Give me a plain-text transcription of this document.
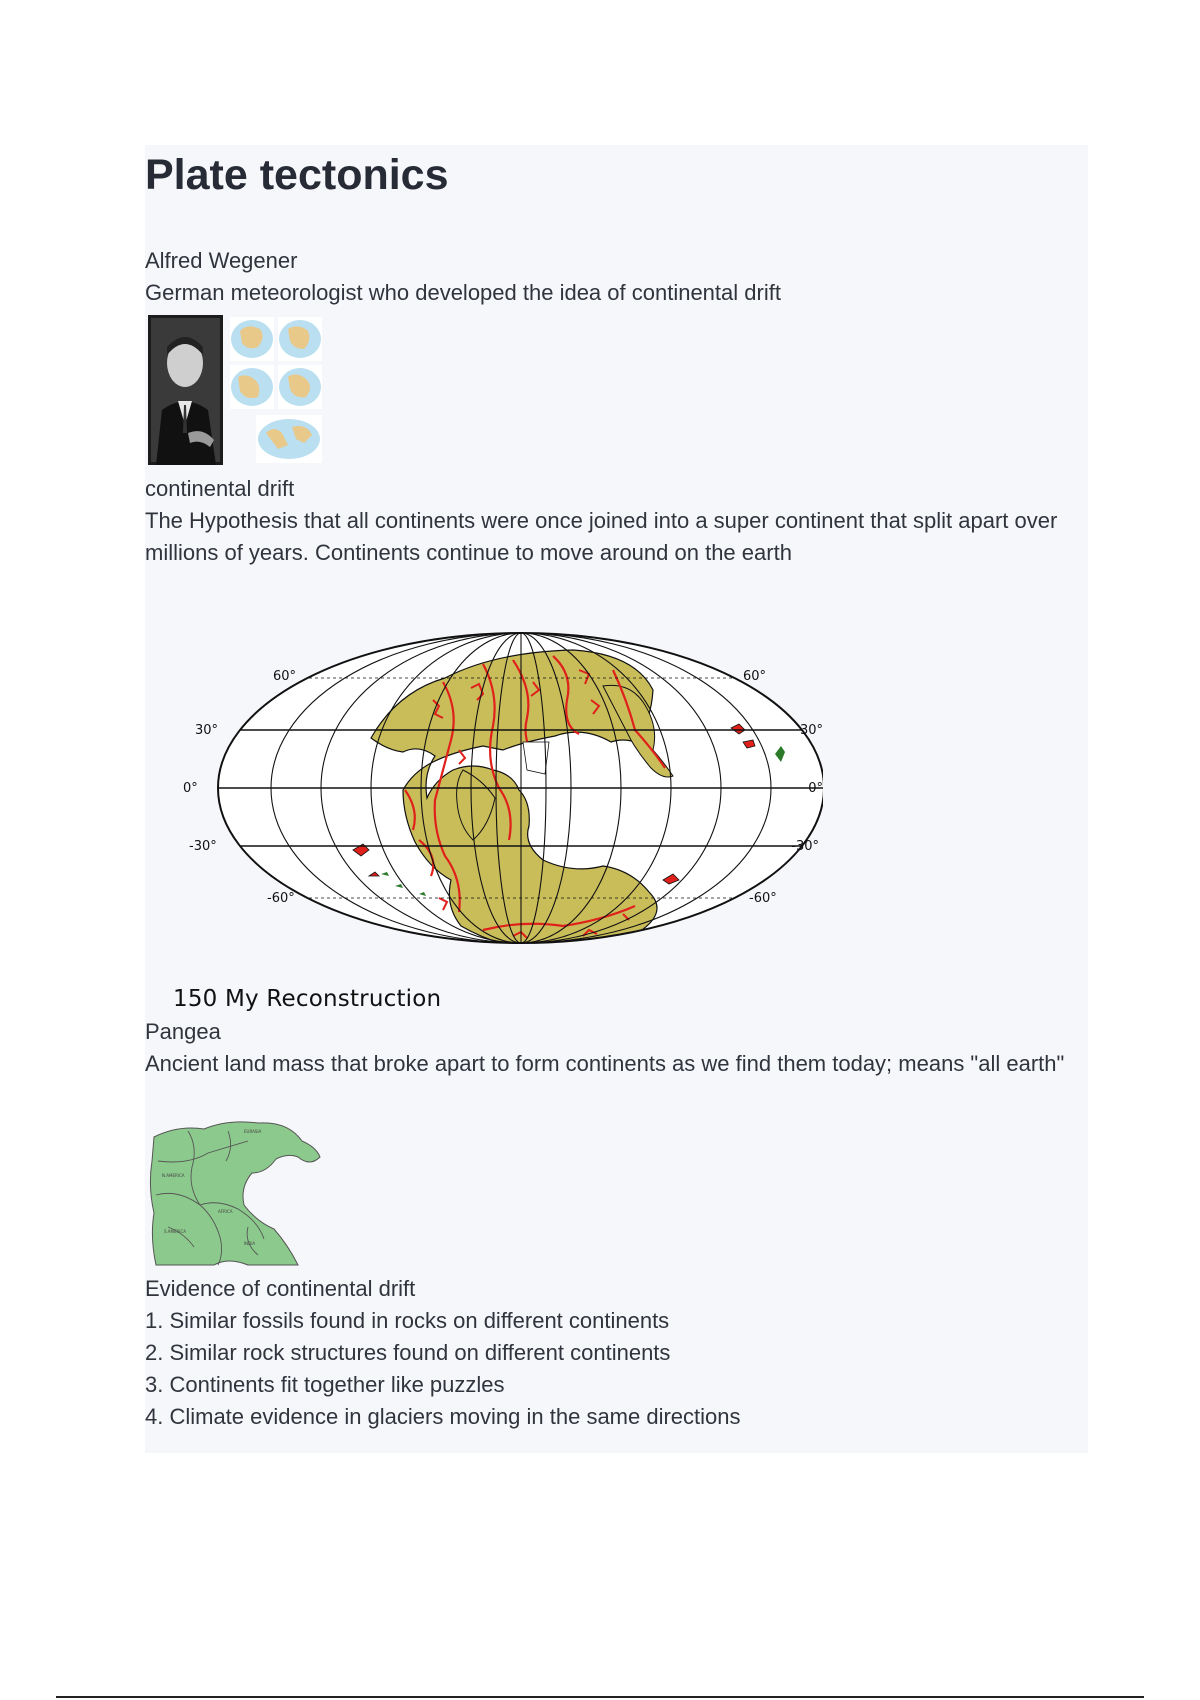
Plate tectonics
Alfred Wegener
German meteorologist who developed the idea of continental drift
continental drift
The Hypothesis that all continents were once joined into a super continent that split apart over millions of years. Continents continue to move around on the earth
60°	60°
30°	30°
0°	0°
-30°	-30°
-60°	-60°
150 My Reconstruction
Pangea
Ancient land mass that broke apart to form continents as we find them today; means "all earth"
EURASIA
N.AMERICA
AFRICA
S.AMERICA
INDIA
Evidence of continental drift
1. Similar fossils found in rocks on different continents
2. Similar rock structures found on different continents
3. Continents fit together like puzzles
4. Climate evidence in glaciers moving in the same directions
